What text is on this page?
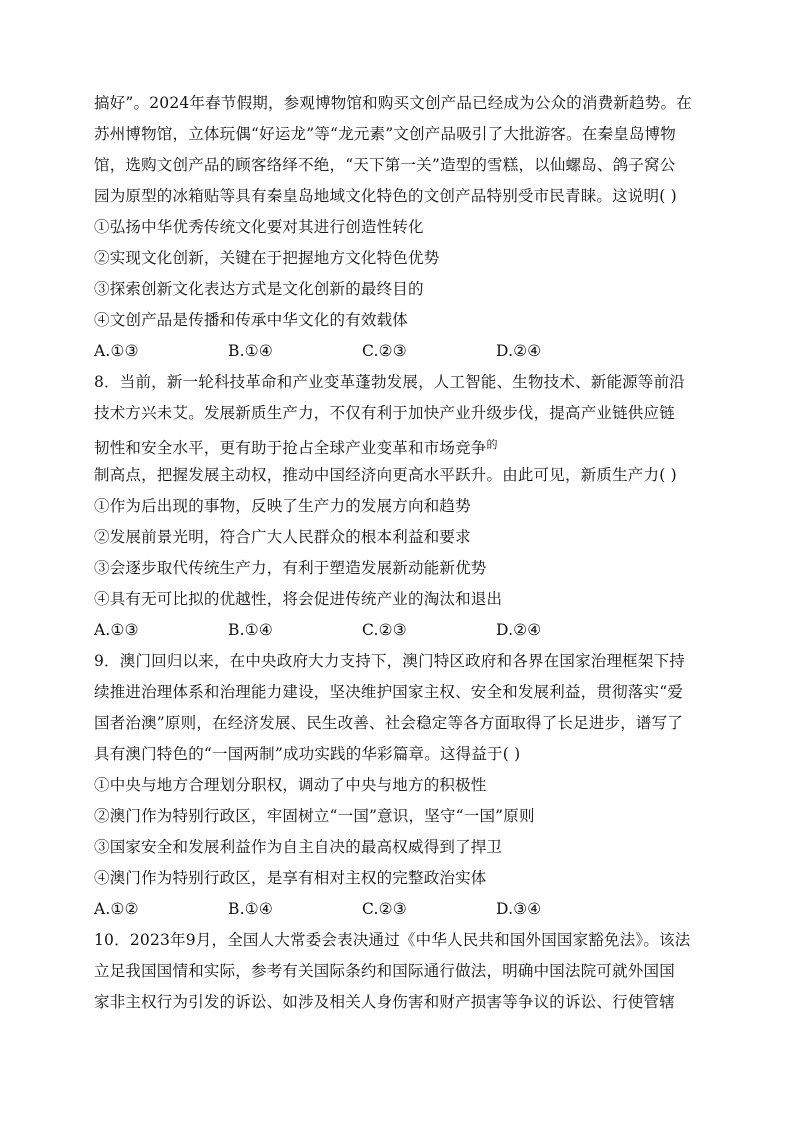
搞好”。2024年春节假期，参观博物馆和购买文创产品已经成为公众的消费新趋势。在
苏州博物馆，立体玩偶“好运龙”等“龙元素”文创产品吸引了大批游客。在秦皇岛博物
馆，选购文创产品的顾客络绎不绝，“天下第一关”造型的雪糕，以仙螺岛、鸽子窝公
园为原型的冰箱贴等具有秦皇岛地域文化特色的文创产品特别受市民青睐。这说明( )
①弘扬中华优秀传统文化要对其进行创造性转化
②实现文化创新，关键在于把握地方文化特色优势
③探索创新文化表达方式是文化创新的最终目的
④文创产品是传播和传承中华文化的有效载体
A.①③	B.①④	C.②③	D.②④
8．当前，新一轮科技革命和产业变革蓬勃发展，人工智能、生物技术、新能源等前沿
技术方兴未艾。发展新质生产力，不仅有利于加快产业升级步伐，提高产业链供应链
韧性和安全水平，更有助于抢占全球产业变革和市场竞争$^的$
制高点，把握发展主动权，推动中国经济向更高水平跃升。由此可见，新质生产力( )
①作为后出现的事物，反映了生产力的发展方向和趋势
②发展前景光明，符合广大人民群众的根本利益和要求
③会逐步取代传统生产力，有利于塑造发展新动能新优势
④具有无可比拟的优越性，将会促进传统产业的淘汰和退出
A.①③	B.①④	C.②③	D.②④
9．澳门回归以来，在中央政府大力支持下，澳门特区政府和各界在国家治理框架下持
续推进治理体系和治理能力建设，坚决维护国家主权、安全和发展利益，贯彻落实“爱
国者治澳”原则，在经济发展、民生改善、社会稳定等各方面取得了长足进步，谱写了
具有澳门特色的“一国两制”成功实践的华彩篇章。这得益于( )
①中央与地方合理划分职权，调动了中央与地方的积极性
②澳门作为特别行政区，牢固树立“一国”意识，坚守“一国”原则
③国家安全和发展利益作为自主自决的最高权威得到了捍卫
④澳门作为特别行政区，是享有相对主权的完整政治实体
A.①②	B.①④	C.②③	D.③④
10．2023年9月，全国人大常委会表决通过《中华人民共和国外国国家豁免法》。该法
立足我国国情和实际，参考有关国际条约和国际通行做法，明确中国法院可就外国国
家非主权行为引发的诉讼、如涉及相关人身伤害和财产损害等争议的诉讼、行使管辖
